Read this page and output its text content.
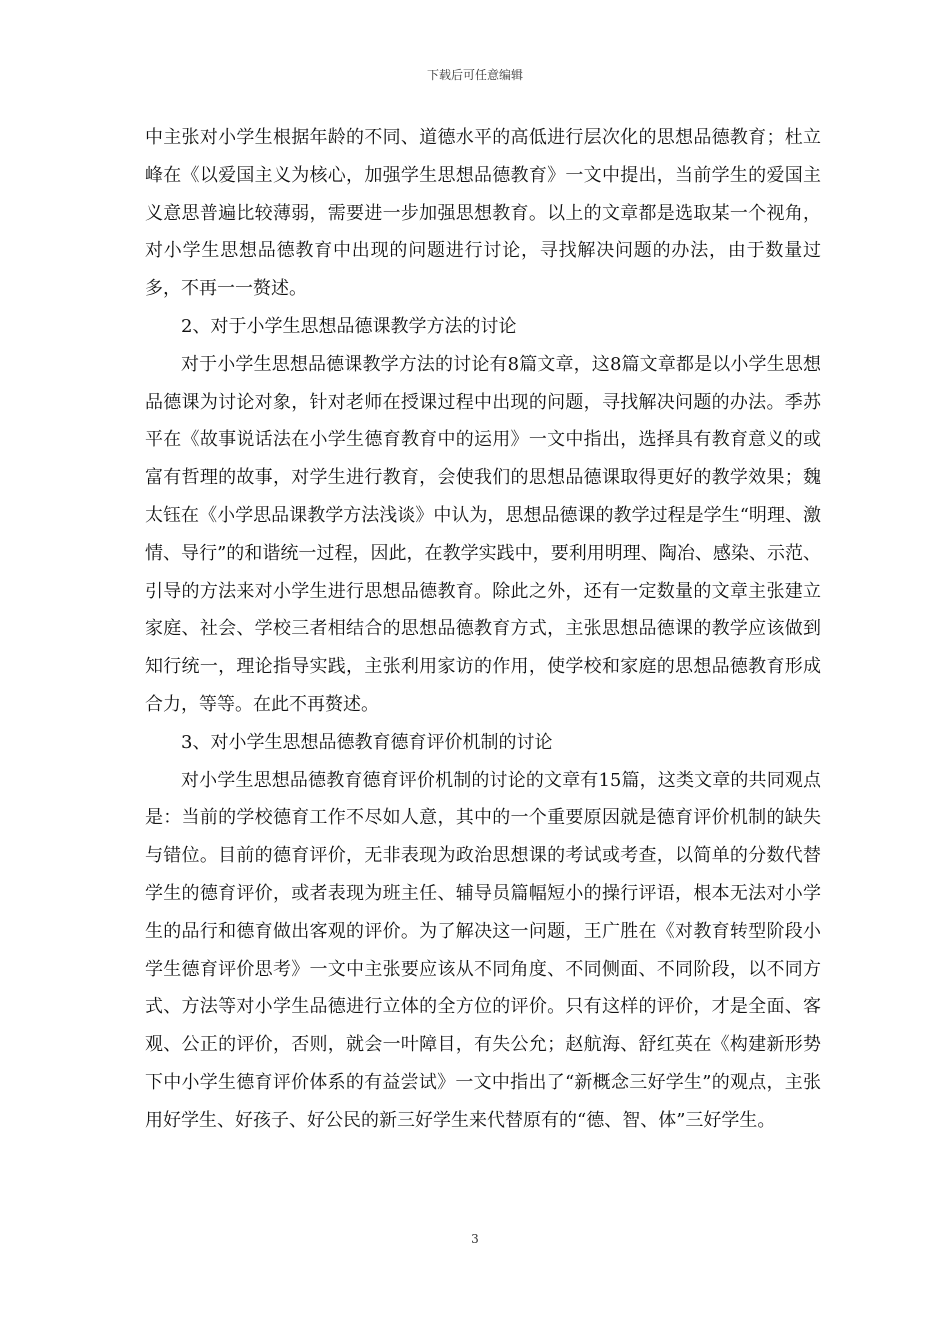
下载后可任意编辑

中主张对小学生根据年龄的不同、道德水平的高低进行层次化的思想品德教育；杜立峰在《以爱国主义为核心，加强学生思想品德教育》一文中提出，当前学生的爱国主义意思普遍比较薄弱，需要进一步加强思想教育。以上的文章都是选取某一个视角，对小学生思想品德教育中出现的问题进行讨论，寻找解决问题的办法，由于数量过多，不再一一赘述。

2、对于小学生思想品德课教学方法的讨论

对于小学生思想品德课教学方法的讨论有8篇文章，这8篇文章都是以小学生思想品德课为讨论对象，针对老师在授课过程中出现的问题，寻找解决问题的办法。季苏平在《故事说话法在小学生德育教育中的运用》一文中指出，选择具有教育意义的或富有哲理的故事，对学生进行教育，会使我们的思想品德课取得更好的教学效果；魏太钰在《小学思品课教学方法浅谈》中认为，思想品德课的教学过程是学生“明理、激情、导行”的和谐统一过程，因此，在教学实践中，要利用明理、陶冶、感染、示范、引导的方法来对小学生进行思想品德教育。除此之外，还有一定数量的文章主张建立家庭、社会、学校三者相结合的思想品德教育方式，主张思想品德课的教学应该做到知行统一，理论指导实践，主张利用家访的作用，使学校和家庭的思想品德教育形成合力，等等。在此不再赘述。

3、对小学生思想品德教育德育评价机制的讨论

对小学生思想品德教育德育评价机制的讨论的文章有15篇，这类文章的共同观点是：当前的学校德育工作不尽如人意，其中的一个重要原因就是德育评价机制的缺失与错位。目前的德育评价，无非表现为政治思想课的考试或考查，以简单的分数代替学生的德育评价，或者表现为班主任、辅导员篇幅短小的操行评语，根本无法对小学生的品行和德育做出客观的评价。为了解决这一问题，王广胜在《对教育转型阶段小学生德育评价思考》一文中主张要应该从不同角度、不同侧面、不同阶段，以不同方式、方法等对小学生品德进行立体的全方位的评价。只有这样的评价，才是全面、客观、公正的评价，否则，就会一叶障目，有失公允；赵航海、舒红英在《构建新形势下中小学生德育评价体系的有益尝试》一文中指出了“新概念三好学生”的观点，主张用好学生、好孩子、好公民的新三好学生来代替原有的“德、智、体”三好学生。

3
